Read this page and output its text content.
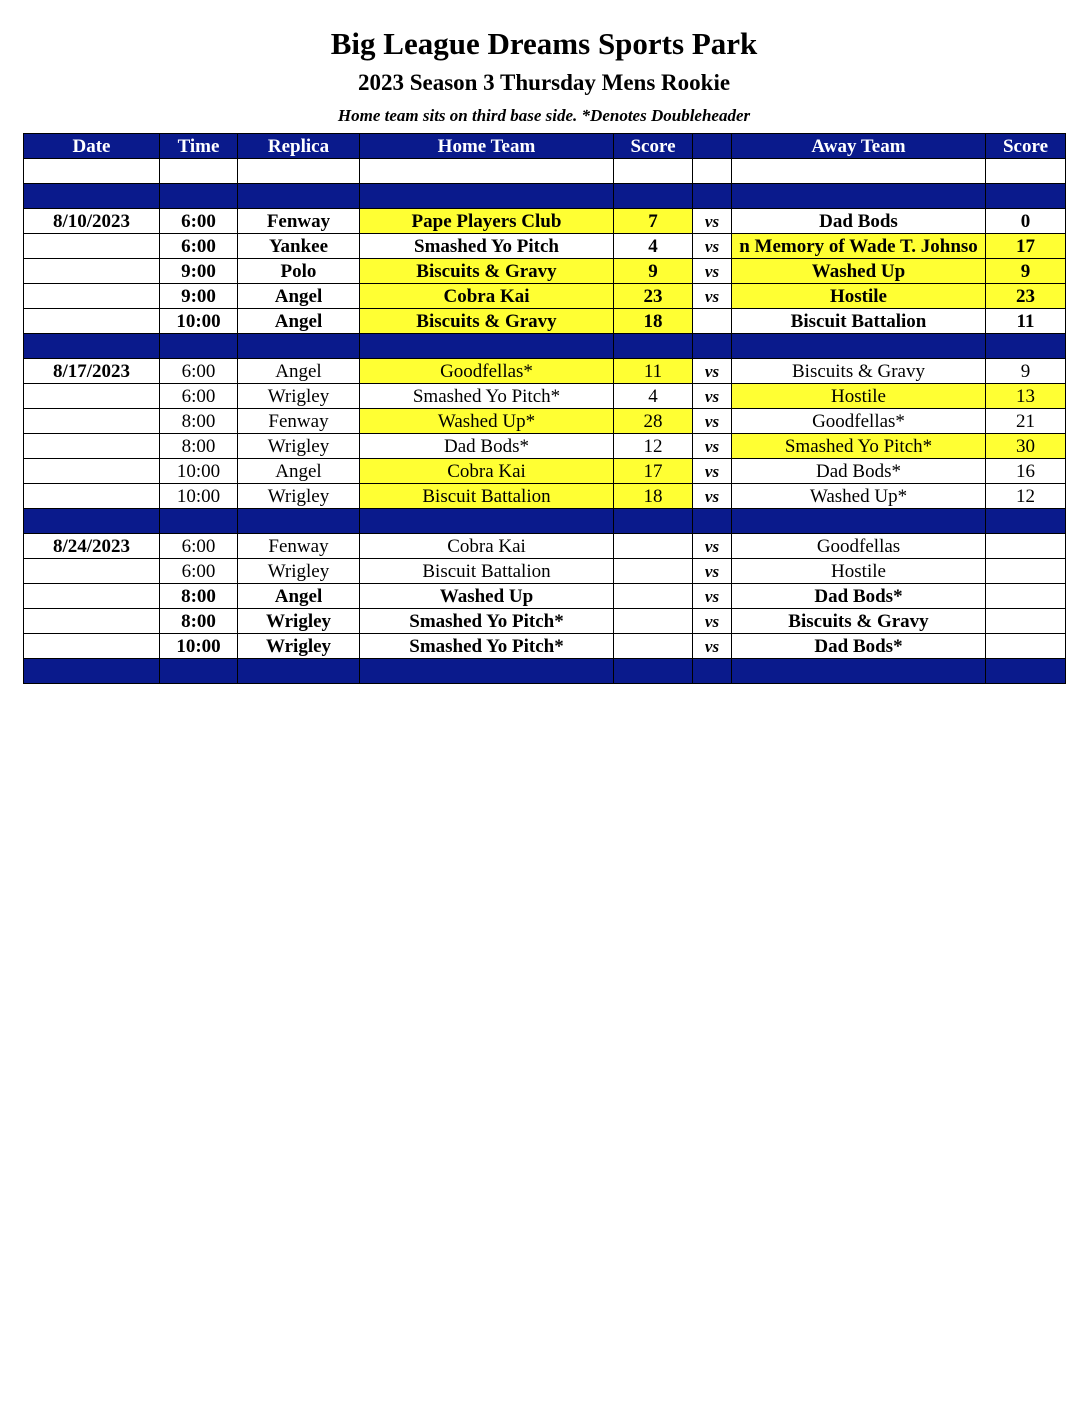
Big League Dreams Sports Park
2023 Season 3 Thursday Mens Rookie
Home team sits on third base side. *Denotes Doubleheader
Date	Time	Replica	Home Team	Score		Away Team	Score

8/10/2023	6:00	Fenway	Pape Players Club	7	vs	Dad Bods	0
	6:00	Yankee	Smashed Yo Pitch	4	vs	n Memory of Wade T. Johnso	17
	9:00	Polo	Biscuits & Gravy	9	vs	Washed Up	9
	9:00	Angel	Cobra Kai	23	vs	Hostile	23
	10:00	Angel	Biscuits & Gravy	18		Biscuit Battalion	11

8/17/2023	6:00	Angel	Goodfellas*	11	vs	Biscuits & Gravy	9
	6:00	Wrigley	Smashed Yo Pitch*	4	vs	Hostile	13
	8:00	Fenway	Washed Up*	28	vs	Goodfellas*	21
	8:00	Wrigley	Dad Bods*	12	vs	Smashed Yo Pitch*	30
	10:00	Angel	Cobra Kai	17	vs	Dad Bods*	16
	10:00	Wrigley	Biscuit Battalion	18	vs	Washed Up*	12

8/24/2023	6:00	Fenway	Cobra Kai		vs	Goodfellas	
	6:00	Wrigley	Biscuit Battalion		vs	Hostile	
	8:00	Angel	Washed Up		vs	Dad Bods*	
	8:00	Wrigley	Smashed Yo Pitch*		vs	Biscuits & Gravy	
	10:00	Wrigley	Smashed Yo Pitch*		vs	Dad Bods*	
